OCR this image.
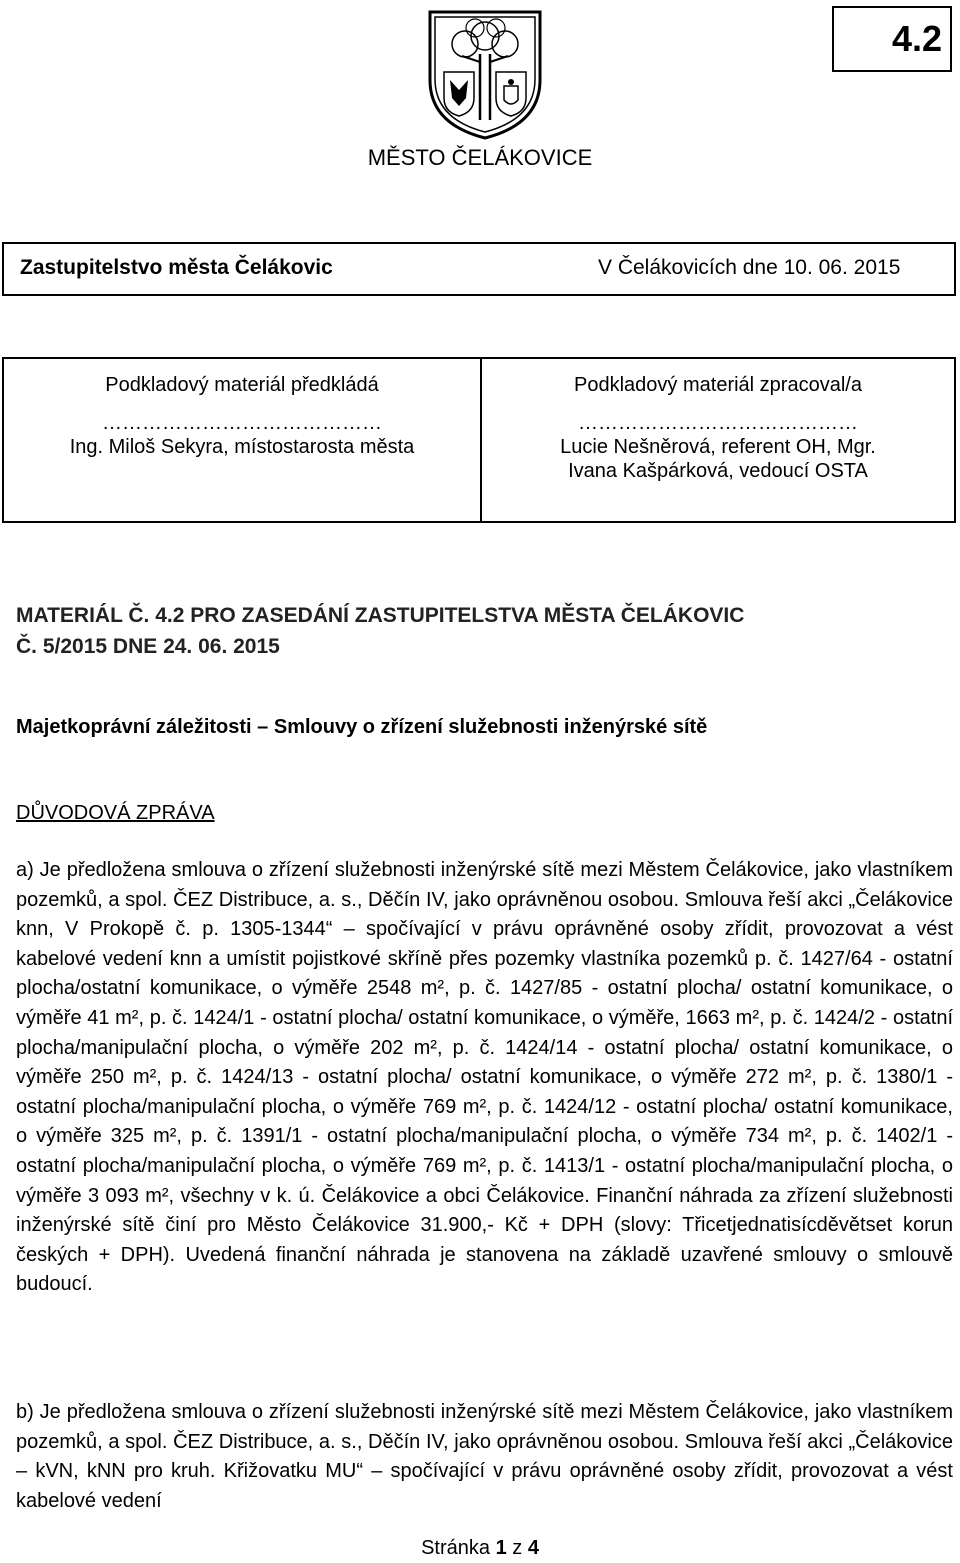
4.2
MĚSTO ČELÁKOVICE
Zastupitelstvo města Čelákovic	V Čelákovicích dne 10. 06. 2015
Podkladový materiál předkládá
……………………………………
Ing. Miloš Sekyra, místostarosta města
Podkladový materiál zpracoval/a
……………………………………
Lucie Nešněrová, referent OH, Mgr.
Ivana Kašpárková, vedoucí OSTA
MATERIÁL Č. 4.2 PRO ZASEDÁNÍ ZASTUPITELSTVA MĚSTA ČELÁKOVIC
Č. 5/2015 DNE 24. 06. 2015
Majetkoprávní záležitosti – Smlouvy o zřízení služebnosti inženýrské sítě
DŮVODOVÁ ZPRÁVA
a) Je předložena smlouva o zřízení služebnosti inženýrské sítě mezi Městem Čelákovice, jako vlastníkem pozemků, a spol. ČEZ Distribuce, a. s., Děčín IV, jako oprávněnou osobou. Smlouva řeší akci „Čelákovice knn, V Prokopě č. p. 1305-1344“ – spočívající v právu oprávněné osoby zřídit, provozovat a vést kabelové vedení knn a umístit pojistkové skříně přes pozemky vlastníka pozemků p. č. 1427/64 - ostatní plocha/ostatní komunikace, o výměře 2548 m², p. č. 1427/85 - ostatní plocha/ ostatní komunikace, o výměře 41 m², p. č. 1424/1 - ostatní plocha/ ostatní komunikace, o výměře, 1663 m², p. č. 1424/2 - ostatní plocha/manipulační plocha, o výměře 202 m², p. č. 1424/14 - ostatní plocha/ ostatní komunikace, o výměře 250 m², p. č. 1424/13 - ostatní plocha/ ostatní komunikace, o výměře 272 m², p. č. 1380/1 - ostatní plocha/manipulační plocha, o výměře 769 m², p. č. 1424/12 - ostatní plocha/ ostatní komunikace, o výměře 325 m², p. č. 1391/1 - ostatní plocha/manipulační plocha, o výměře 734 m², p. č. 1402/1 - ostatní plocha/manipulační plocha, o výměře 769 m², p. č. 1413/1 - ostatní plocha/manipulační plocha, o výměře 3 093 m², všechny v k. ú. Čelákovice a obci Čelákovice. Finanční náhrada za zřízení služebnosti inženýrské sítě činí pro Město Čelákovice 31.900,- Kč + DPH (slovy: Třicetjednatisícděvětset korun českých + DPH). Uvedená finanční náhrada je stanovena na základě uzavřené smlouvy o smlouvě budoucí.
b) Je předložena smlouva o zřízení služebnosti inženýrské sítě mezi Městem Čelákovice, jako vlastníkem pozemků, a spol. ČEZ Distribuce, a. s., Děčín IV, jako oprávněnou osobou. Smlouva řeší akci „Čelákovice – kVN, kNN pro kruh. Křižovatku MU“ – spočívající v právu oprávněné osoby zřídit, provozovat a vést kabelové vedení
Stránka 1 z 4
